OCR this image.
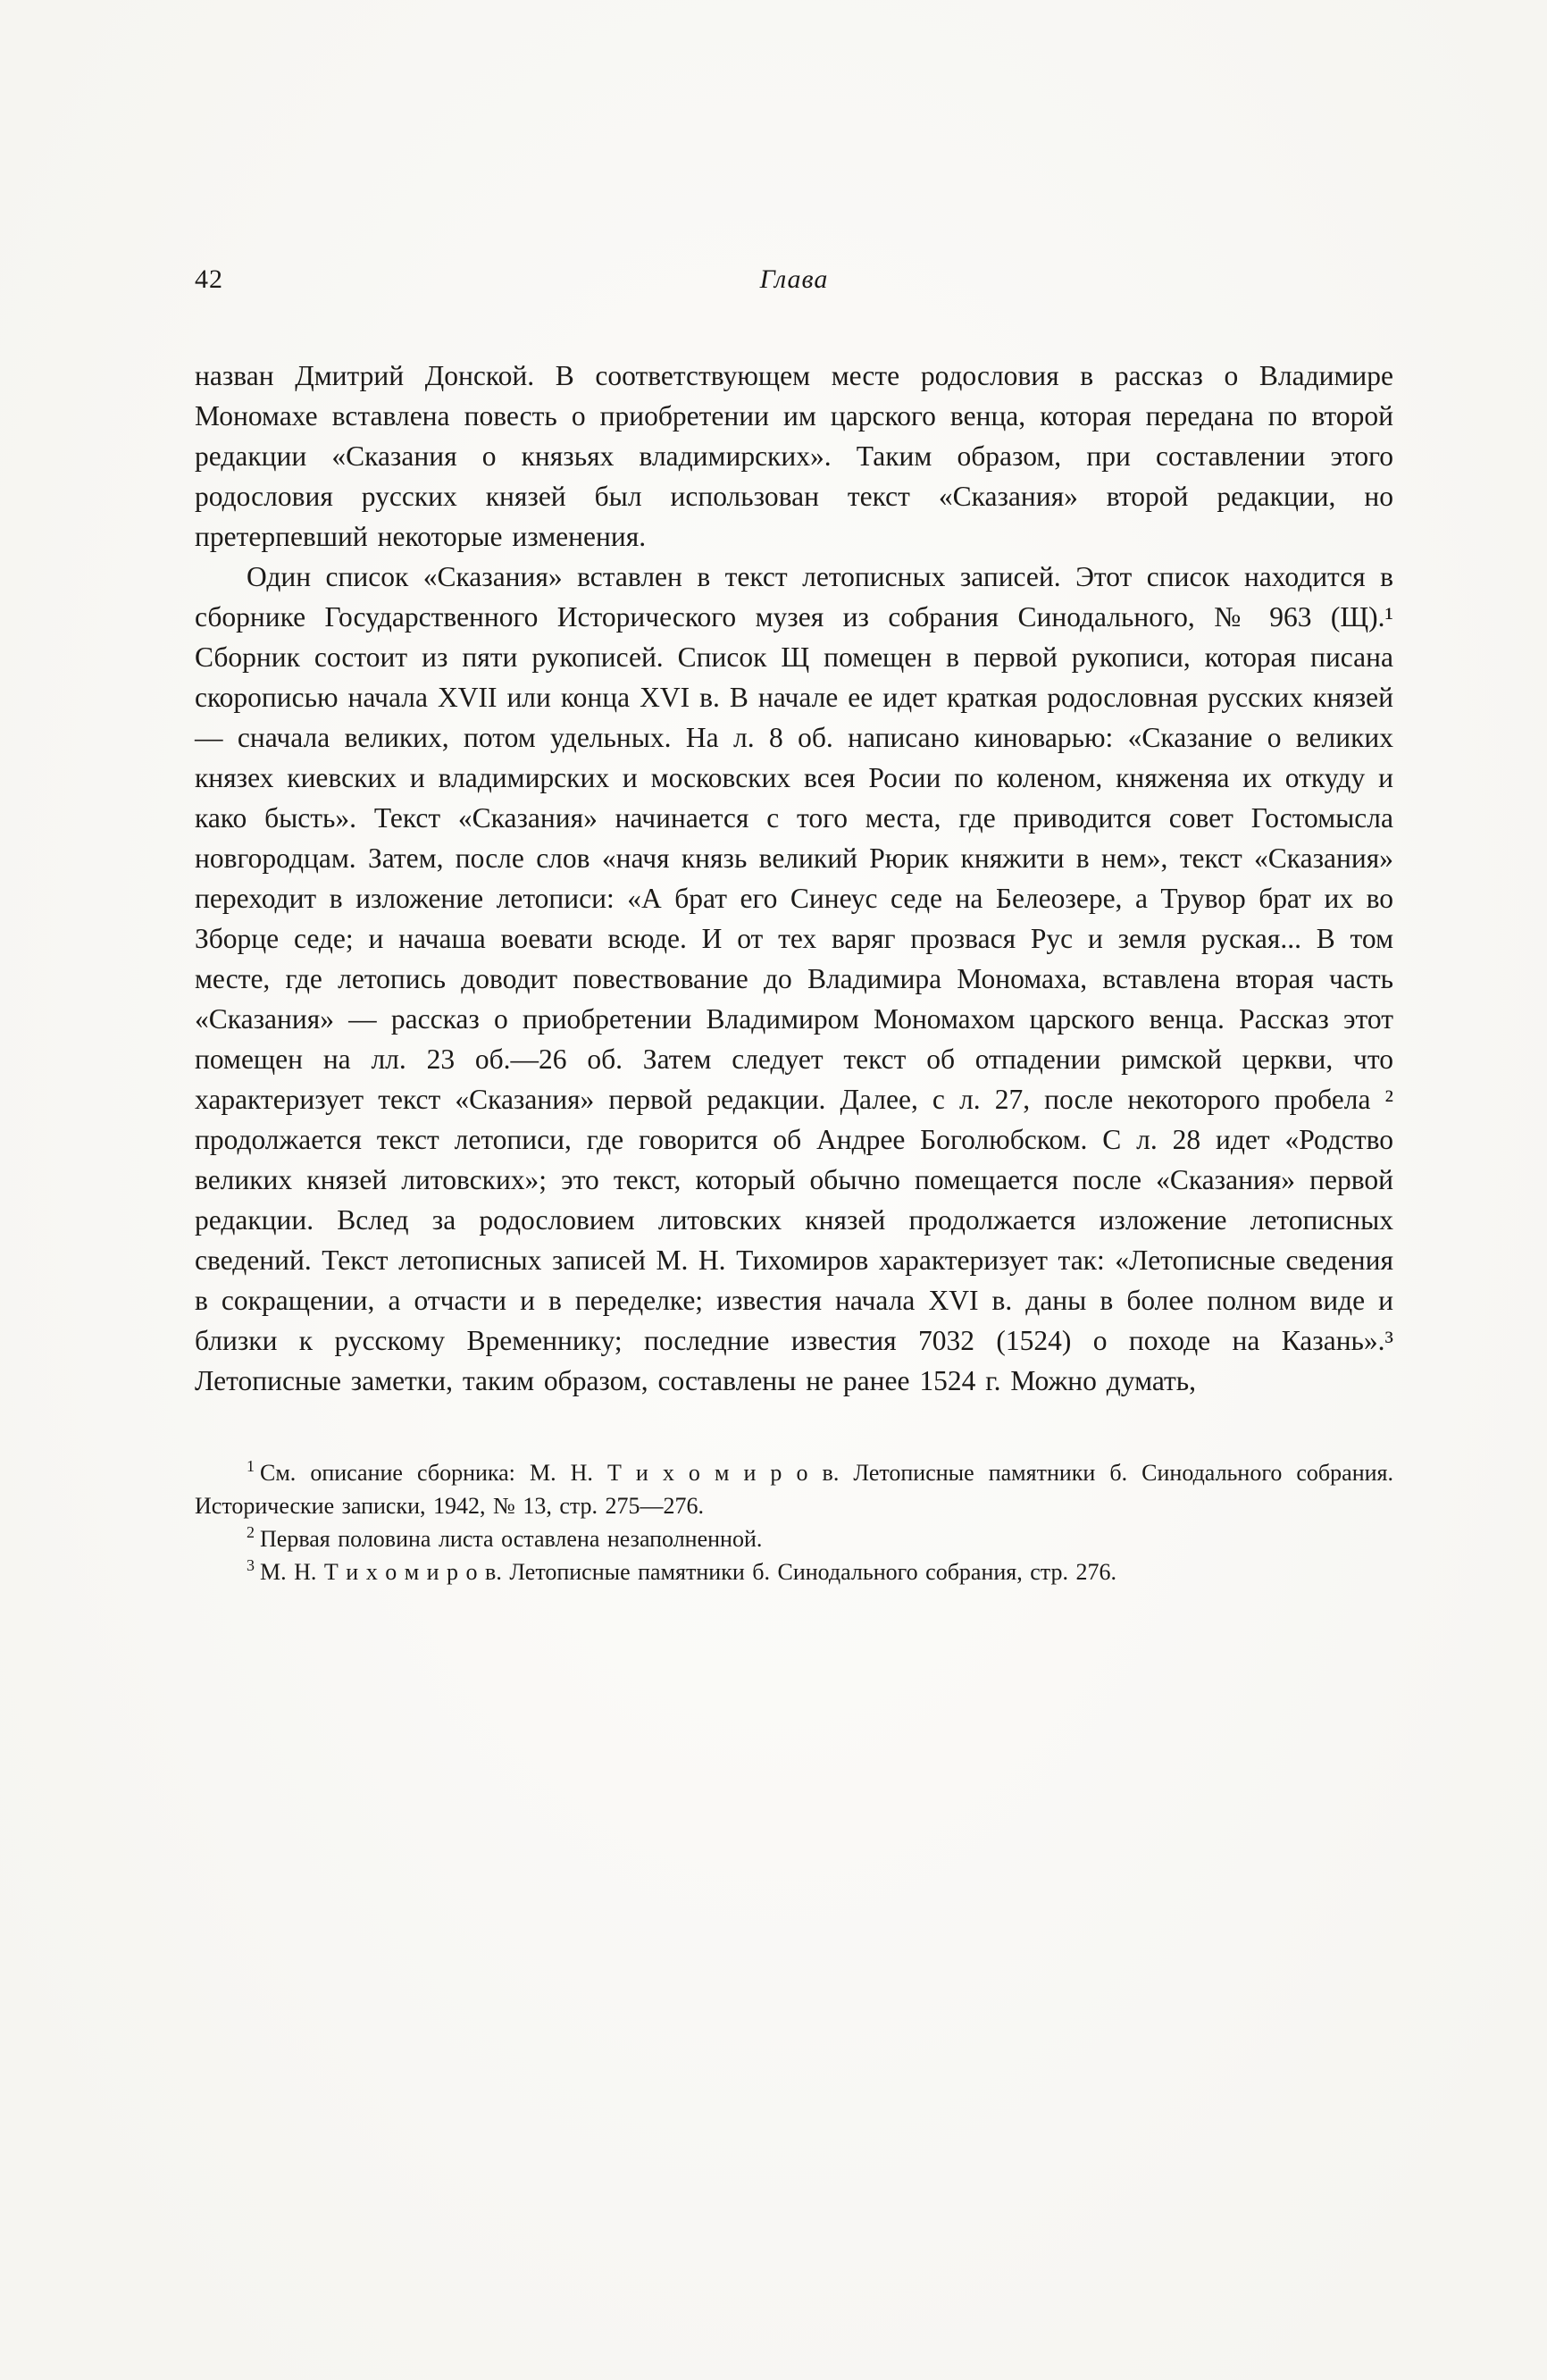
42	Глава

назван Дмитрий Донской. В соответствующем месте родословия в рассказ о Владимире Мономахе вставлена повесть о приобретении им царского венца, которая передана по второй редакции «Сказания о князьях владимирских». Таким образом, при составлении этого родословия русских князей был использован текст «Сказания» второй редакции, но претерпевший некоторые изменения.

Один список «Сказания» вставлен в текст летописных записей. Этот список находится в сборнике Государственного Исторического музея из собрания Синодального, № 963 (Щ).¹ Сборник состоит из пяти рукописей. Список Щ помещен в первой рукописи, которая писана скорописью начала XVII или конца XVI в. В начале ее идет краткая родословная русских князей — сначала великих, потом удельных. На л. 8 об. написано киноварью: «Сказание о великих князех киевских и владимирских и московских всея Росии по коленом, княженяа их откуду и како бысть». Текст «Сказания» начинается с того места, где приводится совет Гостомысла новгородцам. Затем, после слов «начя князь великий Рюрик княжити в нем», текст «Сказания» переходит в изложение летописи: «А брат его Синеус седе на Белеозере, а Трувор брат их во Зборце седе; и начаша воевати всюде. И от тех варяг прозвася Рус и земля руская... В том месте, где летопись доводит повествование до Владимира Мономаха, вставлена вторая часть «Сказания» — рассказ о приобретении Владимиром Мономахом царского венца. Рассказ этот помещен на лл. 23 об.—26 об. Затем следует текст об отпадении римской церкви, что характеризует текст «Сказания» первой редакции. Далее, с л. 27, после некоторого пробела ² продолжается текст летописи, где говорится об Андрее Боголюбском. С л. 28 идет «Родство великих князей литовских»; это текст, который обычно помещается после «Сказания» первой редакции. Вслед за родословием литовских князей продолжается изложение летописных сведений. Текст летописных записей М. Н. Тихомиров характеризует так: «Летописные сведения в сокращении, а отчасти и в переделке; известия начала XVI в. даны в более полном виде и близки к русскому Временнику; последние известия 7032 (1524) о походе на Казань».³ Летописные заметки, таким образом, составлены не ранее 1524 г. Можно думать,

$^1$ См. описание сборника: М. Н. Т и х о м и р о в. Летописные памятники б. Синодального собрания. Исторические записки, 1942, № 13, стр. 275—276.

$^2$ Первая половина листа оставлена незаполненной.

$^3$ М. Н. Т и х о м и р о в. Летописные памятники б. Синодального собрания, стр. 276.
